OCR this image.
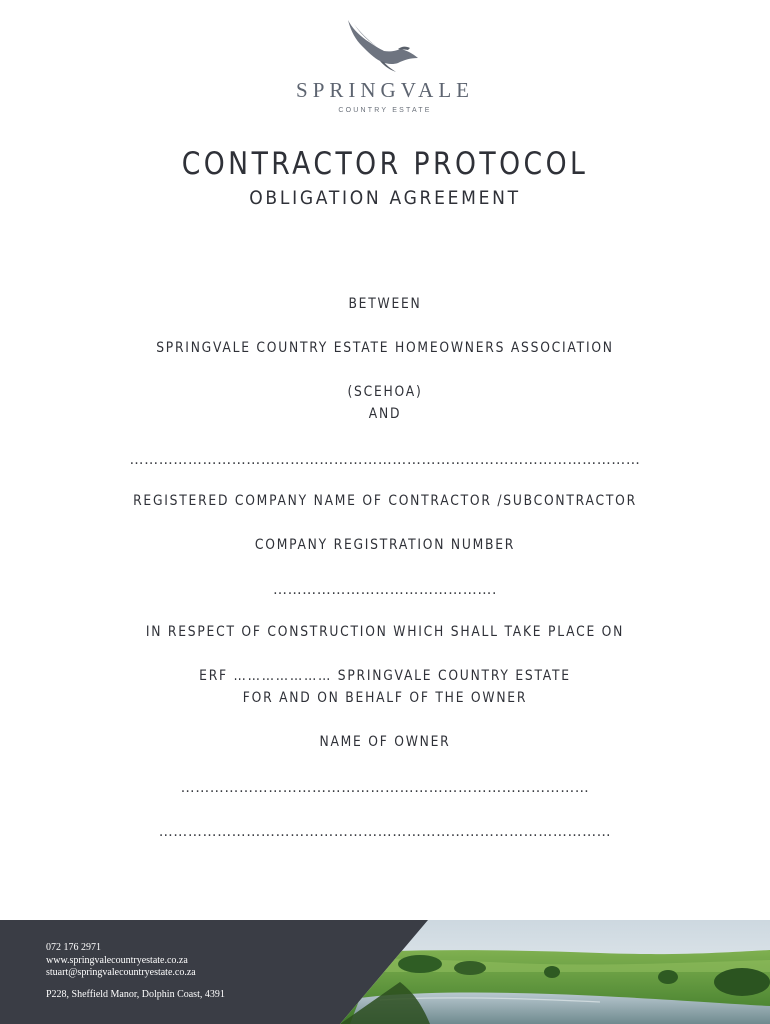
SPRINGVALE
COUNTRY ESTATE
CONTRACTOR PROTOCOL
OBLIGATION AGREEMENT
BETWEEN
SPRINGVALE COUNTRY ESTATE HOMEOWNERS ASSOCIATION
(SCEHOA)
AND
……………………………………………………………………………………………
REGISTERED COMPANY NAME OF CONTRACTOR /SUBCONTRACTOR
COMPANY REGISTRATION NUMBER
……………………………………….
IN RESPECT OF CONSTRUCTION WHICH SHALL TAKE PLACE ON
ERF ………………… SPRINGVALE COUNTRY ESTATE
FOR AND ON BEHALF OF THE OWNER
NAME OF OWNER
…………………………………………………………………………
…………………………………………………………………………………
072 176 2971
www.springvalecountryestate.co.za
stuart@springvalecountryestate.co.za
P228, Sheffield Manor, Dolphin Coast, 4391
